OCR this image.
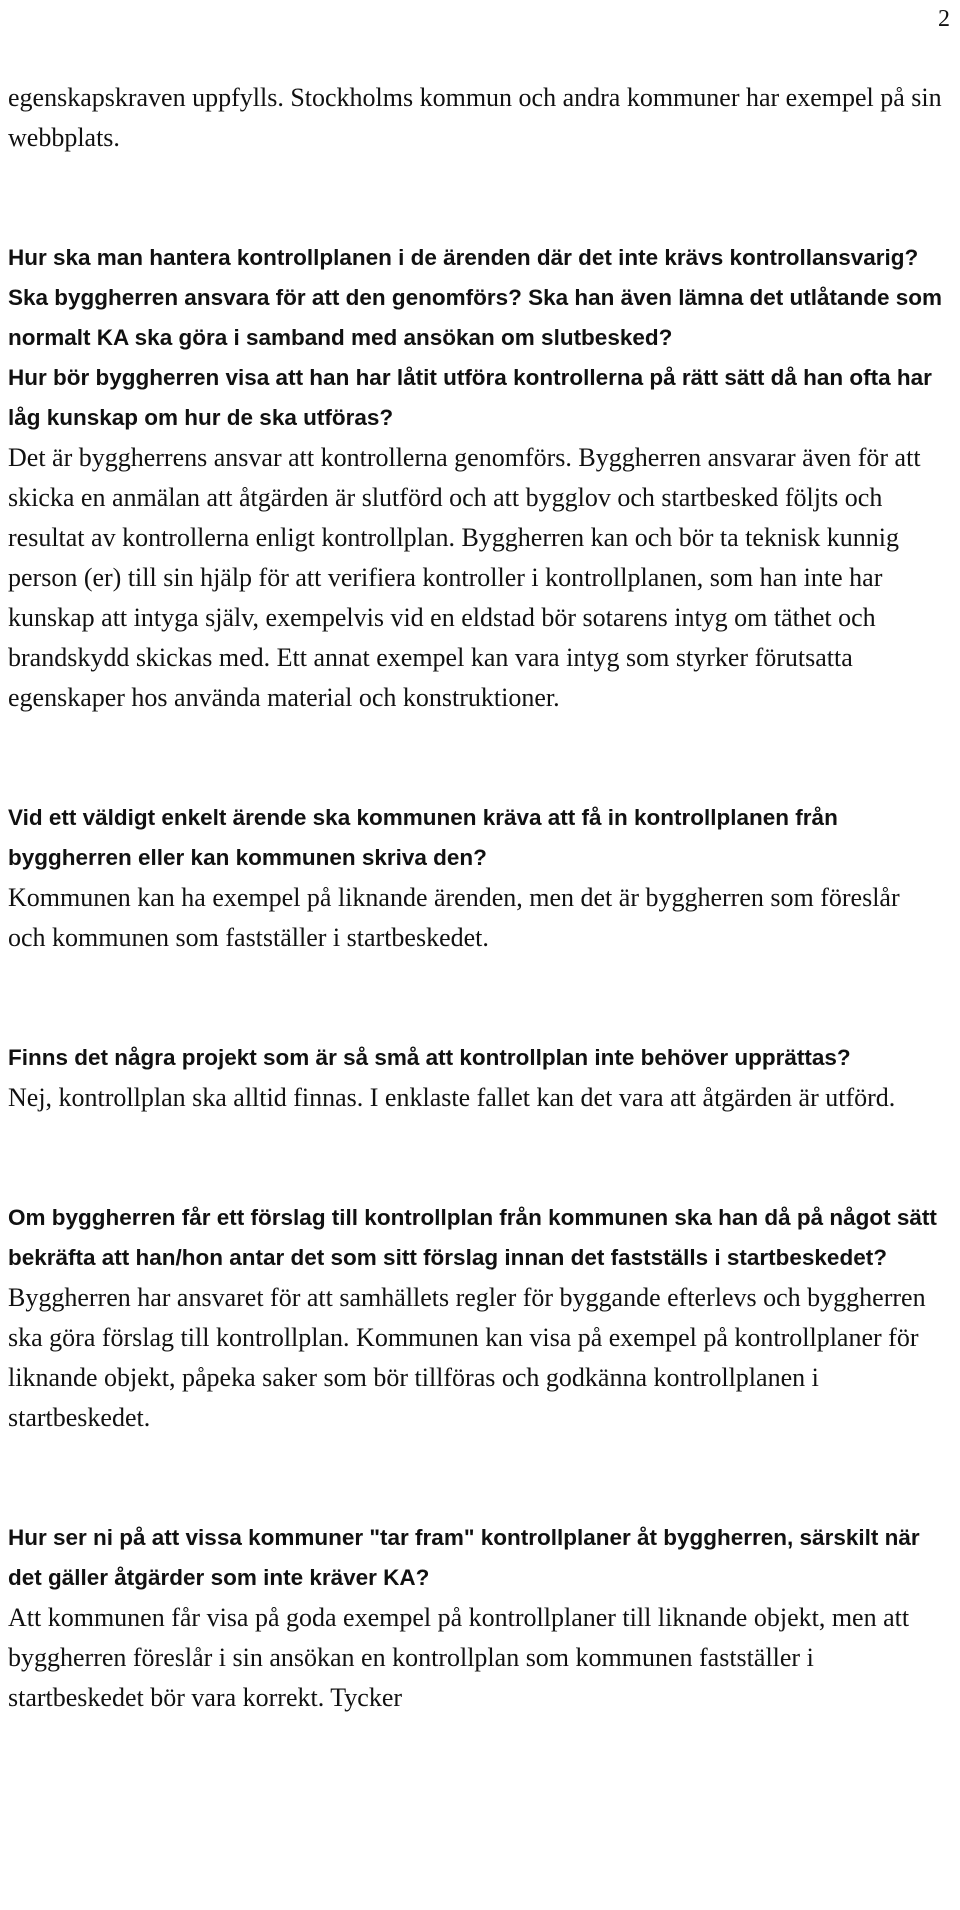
2
egenskapskraven uppfylls. Stockholms kommun och andra kommuner har exempel på sin webbplats.
Hur ska man hantera kontrollplanen i de ärenden där det inte krävs kontrollansvarig? Ska byggherren ansvara för att den genomförs? Ska han även lämna det utlåtande som normalt KA ska göra i samband med ansökan om slutbesked?
Hur bör byggherren visa att han har låtit utföra kontrollerna på rätt sätt då han ofta har låg kunskap om hur de ska utföras?
Det är byggherrens ansvar att kontrollerna genomförs. Byggherren ansvarar även för att skicka en anmälan att åtgärden är slutförd och att bygglov och startbesked följts och resultat av kontrollerna enligt kontrollplan. Byggherren kan och bör ta teknisk kunnig person (er) till sin hjälp för att verifiera kontroller i kontrollplanen, som han inte har kunskap att intyga själv, exempelvis vid en eldstad bör sotarens intyg om täthet och brandskydd skickas med. Ett annat exempel kan vara intyg som styrker förutsatta egenskaper hos använda material och konstruktioner.
Vid ett väldigt enkelt ärende ska kommunen kräva att få in kontrollplanen från byggherren eller kan kommunen skriva den?
Kommunen kan ha exempel på liknande ärenden, men det är byggherren som föreslår och kommunen som fastställer i startbeskedet.
Finns det några projekt som är så små att kontrollplan inte behöver upprättas?
Nej, kontrollplan ska alltid finnas. I enklaste fallet kan det vara att åtgärden är utförd.
Om byggherren får ett förslag till kontrollplan från kommunen ska han då på något sätt bekräfta att han/hon antar det som sitt förslag innan det fastställs i startbeskedet?
Byggherren har ansvaret för att samhällets regler för byggande efterlevs och byggherren ska göra förslag till kontrollplan. Kommunen kan visa på exempel på kontrollplaner för liknande objekt, påpeka saker som bör tillföras och godkänna kontrollplanen i startbeskedet.
Hur ser ni på att vissa kommuner "tar fram" kontrollplaner åt byggherren, särskilt när det gäller åtgärder som inte kräver KA?
Att kommunen får visa på goda exempel på kontrollplaner till liknande objekt, men att byggherren föreslår i sin ansökan en kontrollplan som kommunen fastställer i startbeskedet bör vara korrekt. Tycker
